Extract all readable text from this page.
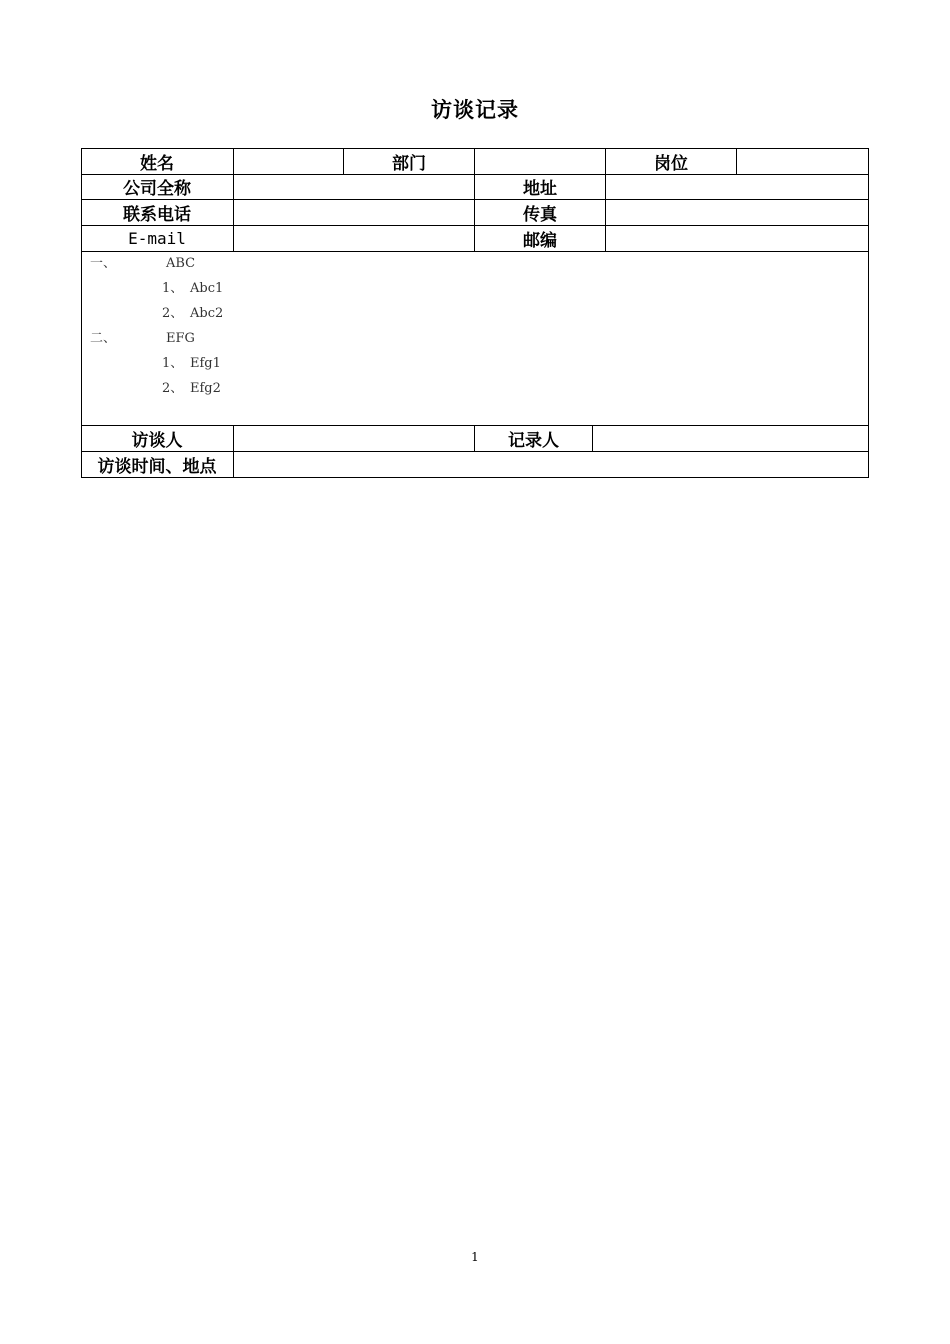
访谈记录
姓名	部门	岗位
公司全称	地址
联系电话	传真
E-mail	邮编
一、	ABC
1、 Abc1
2、 Abc2
二、	EFG
1、 Efg1
2、 Efg2
访谈人	记录人
访谈时间、地点
1
